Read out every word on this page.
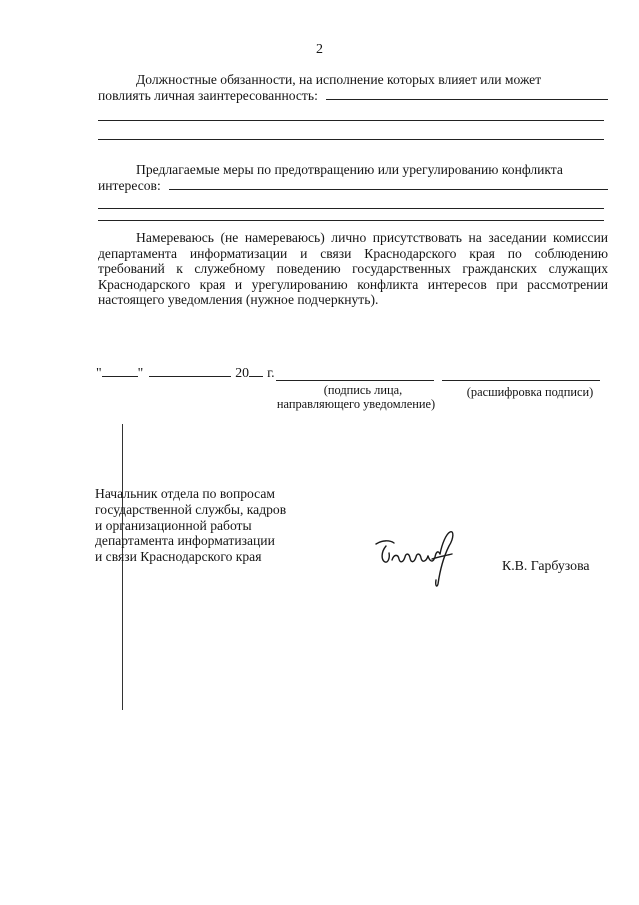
2
Должностные обязанности, на исполнение которых влияет или может
повлиять личная заинтересованность:
Предлагаемые меры по предотвращению или урегулированию конфликта
интересов:
Намереваюсь (не намереваюсь) лично присутствовать на заседании комиссии департамента информатизации и связи Краснодарского края по соблюдению требований к служебному поведению государственных гражданских служащих Краснодарского края и урегулированию конфликта интересов при рассмотрении настоящего уведомления (нужное подчеркнуть).
"	"	20 г.
(подпись лица,
направляющего уведомление)
(расшифровка подписи)
Начальник отдела по вопросам
государственной службы, кадров
и организационной работы
департамента информатизации
и связи Краснодарского края
К.В. Гарбузова
